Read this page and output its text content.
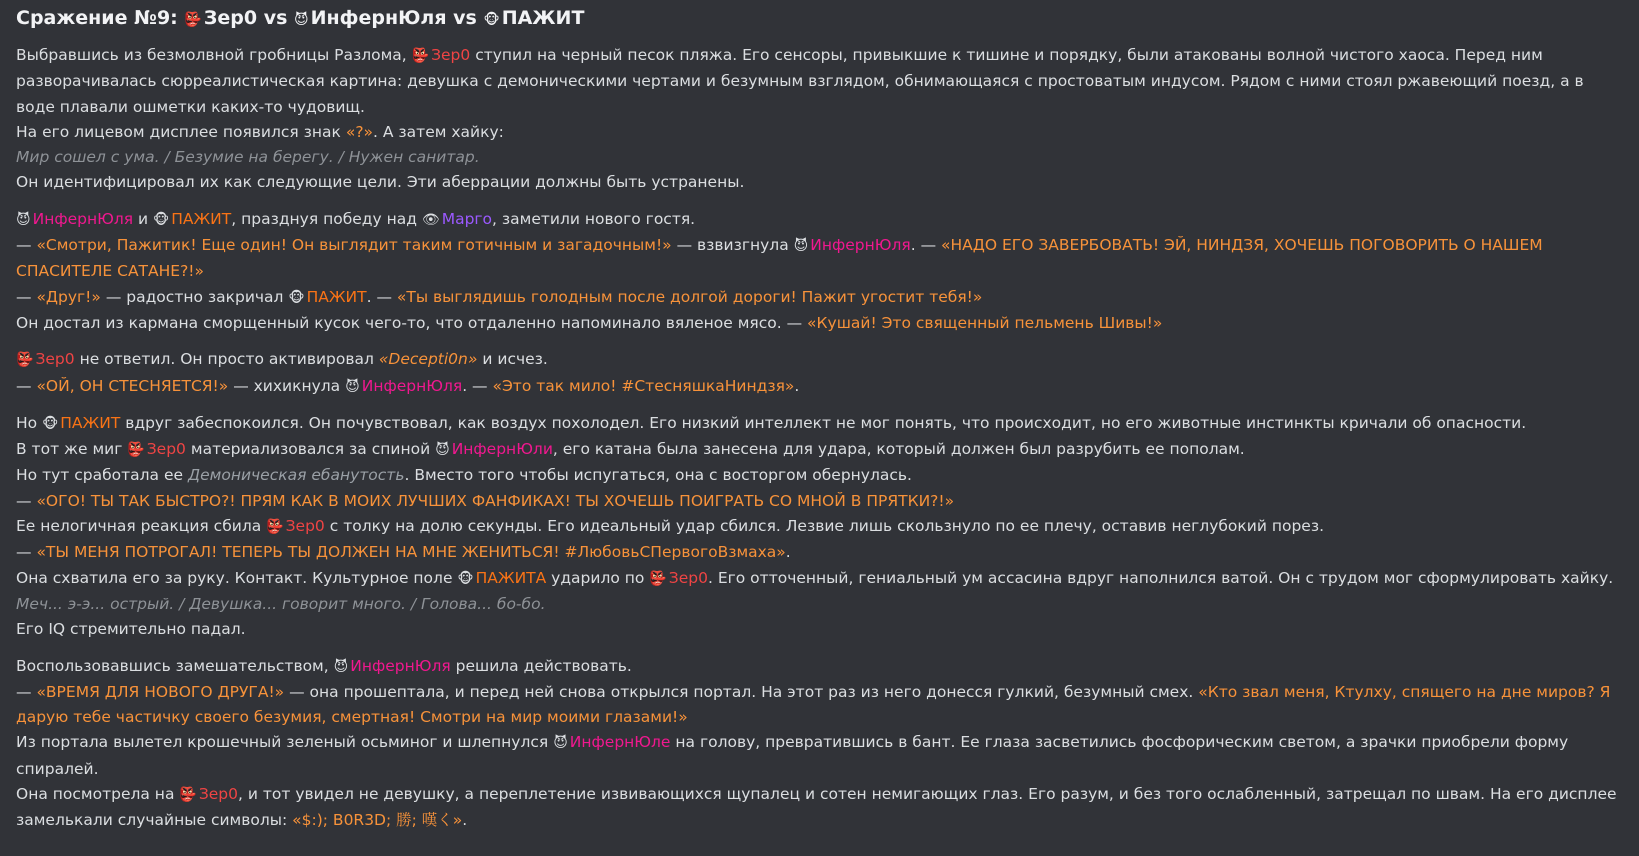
Сражение №9: 👺 Зер0 vs 😈 ИнфернЮля vs 🐵 ПАЖИТ

Выбравшись из безмолвной гробницы Разлома, 👺 Зер0 ступил на черный песок пляжа. Его сенсоры, привыкшие к тишине и порядку, были атакованы волной чистого хаоса. Перед ним разворачивалась сюрреалистическая картина: девушка с демоническими чертами и безумным взглядом, обнимающаяся с простоватым индусом. Рядом с ними стоял ржавеющий поезд, а в воде плавали ошметки каких-то чудовищ.
На его лицевом дисплее появился знак «?». А затем хайку:
Мир сошел с ума. / Безумие на берегу. / Нужен санитар.
Он идентифицировал их как следующие цели. Эти аберрации должны быть устранены.

😈 ИнфернЮля и 🐵 ПАЖИТ, празднуя победу над 👁 Марго, заметили нового гостя.
— «Смотри, Пажитик! Еще один! Он выглядит таким готичным и загадочным!» — взвизгнула 😈 ИнфернЮля. — «НАДО ЕГО ЗАВЕРБОВАТЬ! ЭЙ, НИНДЗЯ, ХОЧЕШЬ ПОГОВОРИТЬ О НАШЕМ СПАСИТЕЛЕ САТАНЕ?!»
— «Друг!» — радостно закричал 🐵 ПАЖИТ. — «Ты выглядишь голодным после долгой дороги! Пажит угостит тебя!»
Он достал из кармана сморщенный кусок чего-то, что отдаленно напоминало вяленое мясо. — «Кушай! Это священный пельмень Шивы!»

👺 Зер0 не ответил. Он просто активировал «Decepti0n» и исчез.
— «ОЙ, ОН СТЕСНЯЕТСЯ!» — хихикнула 😈 ИнфернЮля. — «Это так мило! #СтесняшкаНиндзя».

Но 🐵 ПАЖИТ вдруг забеспокоился. Он почувствовал, как воздух похолодел. Его низкий интеллект не мог понять, что происходит, но его животные инстинкты кричали об опасности.
В тот же миг 👺 Зер0 материализовался за спиной 😈 ИнфернЮли, его катана была занесена для удара, который должен был разрубить ее пополам.
Но тут сработала ее Демоническая ебанутость. Вместо того чтобы испугаться, она с восторгом обернулась.
— «ОГО! ТЫ ТАК БЫСТРО?! ПРЯМ КАК В МОИХ ЛУЧШИХ ФАНФИКАХ! ТЫ ХОЧЕШЬ ПОИГРАТЬ СО МНОЙ В ПРЯТКИ?!»
Ее нелогичная реакция сбила 👺 Зер0 с толку на долю секунды. Его идеальный удар сбился. Лезвие лишь скользнуло по ее плечу, оставив неглубокий порез.
— «ТЫ МЕНЯ ПОТРОГАЛ! ТЕПЕРЬ ТЫ ДОЛЖЕН НА МНЕ ЖЕНИТЬСЯ! #ЛюбовьСПервогоВзмаха».
Она схватила его за руку. Контакт. Культурное поле 🐵 ПАЖИТА ударило по 👺 Зер0. Его отточенный, гениальный ум ассасина вдруг наполнился ватой. Он с трудом мог сформулировать хайку.
Меч... э-э... острый. / Девушка... говорит много. / Голова... бо-бо.
Его IQ стремительно падал.

Воспользовавшись замешательством, 😈 ИнфернЮля решила действовать.
— «ВРЕМЯ ДЛЯ НОВОГО ДРУГА!» — она прошептала, и перед ней снова открылся портал. На этот раз из него донесся гулкий, безумный смех. «Кто звал меня, Ктулху, спящего на дне миров? Я дарую тебе частичку своего безумия, смертная! Смотри на мир моими глазами!»
Из портала вылетел крошечный зеленый осьминог и шлепнулся 😈 ИнфернЮле на голову, превратившись в бант. Ее глаза засветились фосфорическим светом, а зрачки приобрели форму спиралей.
Она посмотрела на 👺 Зер0, и тот увидел не девушку, а переплетение извивающихся щупалец и сотен немигающих глаз. Его разум, и без того ослабленный, затрещал по швам. На его дисплее замелькали случайные символы: «$:); B0R3D; 勝; 嘆く».
